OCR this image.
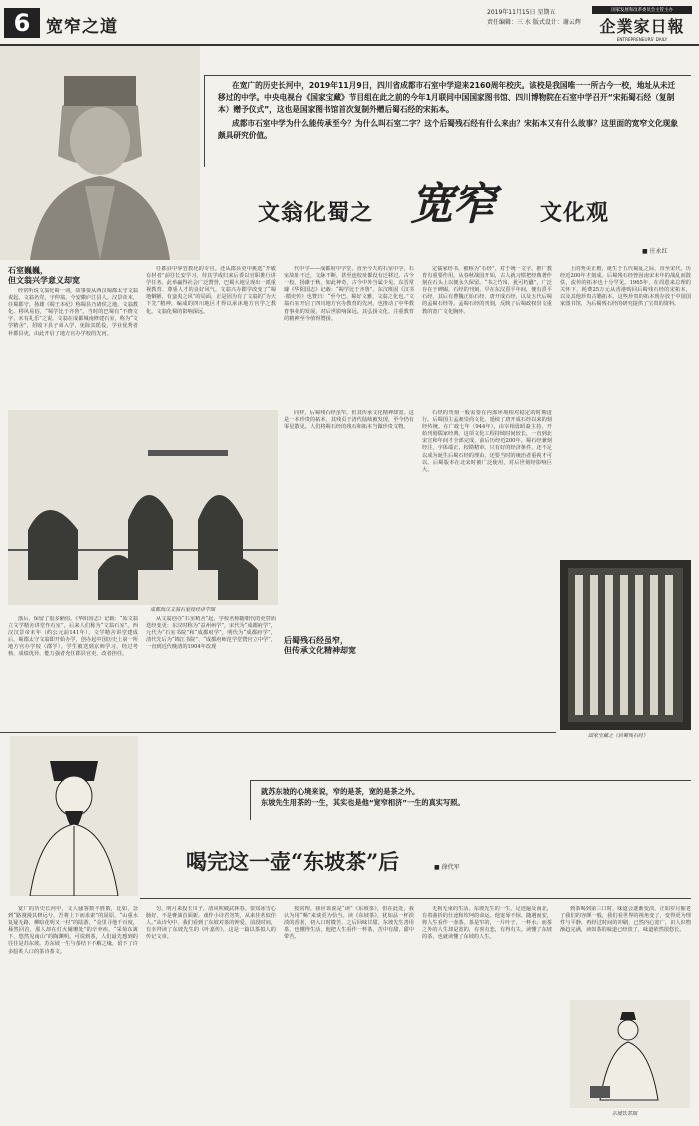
6 宽窄之道
2019年11月15日 星期五
责任编辑：三 水 版式设计：谢云辉
国家发展和改革委员会主管主办
企業家日報
ENTREPRENEURS' DAILY

在宽广的历史长河中，2019年11月9日，四川省成都市石室中学迎来2160周年校庆。该校是我国唯一一所古今一校，地址从未迁移过的中学。中央电视台《国家宝藏》节目组在此之前的今年1月联同中国国家图书馆、四川博物院在石室中学召开“宋拓蜀石经（复制本）赠予仪式”，这也是国家图书馆首次复制外赠后蜀石经的宋拓本。

成都市石室中学为什么能传承至今？为什么叫石室二字？这个后蜀残石经有什么来由？宋拓本又有什么故事？这里面的宽窄文化现象颇具研究价值。

文翁化蜀之 宽窄 文化观
■ 庄永红
石室巍巍，
但文翁兴学意义却宽

经常听说文翁化蜀一词，故事要从西汉蜀郡太守文翁说起。文翁名党，字仲翁，今安徽庐江县人。汉景帝末，任蜀郡守。扬雄《蜀王本纪》称蜀县乃诸侯之地，文翁教化、移风易俗，“蜀学比于齐鲁”。当时的巴蜀有“不晓文字，未有礼乐”之说。文翁在成都城南修建石室，称为“文学精舍”，招收下县子弟入学，免除其徭役，学业优秀者补郡县吏，由此开启了地方官办学校的先河。

任郡县中掌管教化的专官。还从郡县吏中挑选“开敏有材者”前往长安学习，待其学成归来后委以官职推行讲学任务。此举赢得社会广泛赞誉，巴蜀大地呈现出一派重视教育、尊重人才的良好风气。文翁兴办郡学改变了“蜀地僻陋，有蛮夷之风”的局面，正是因为有了文翁的“为天下先”精神，编成的四川地区才得以承沐地方官学之教化。文翁化蜀的影响深远。

代中学——成都府中学堂，直至今天的石室中学，石室故址不迁，文脉不断，甚至连校址都没有迁移过。古今一校，扬雄于秋，如此神奇，古今中外当属少见。东晋常璩《华阳国志》记载：“蜀学比于齐鲁”。东汉班固《汉书·循吏传》也赞曰：“至今巴、蜀好文雅，文翁之化也。”文翁石室开启了四川地方官办教育的先河，也推动了中华教育事业的发展，对后世影响深远。其弘扬文化、注重教育的精神至今值得赞扬。

定儒家经书，被称为“石经”，对于统一文字、推广教育有重要作用。从春秋战国开始，古人就习惯把经典著作刻在石头上以便永久保留。“书之竹帛，犹可朽蠹”，广泛存在于碑碣。石经的刊刻，早在东汉熹平年间，便有熹平石经，其后有曹魏正始石经、唐开成石经，以及五代后蜀的孟蜀石经等。孟蜀石经的刊刻，反映了后蜀政权崇文重教的宽广文化胸怀。

上的秀美正楷，诞生于五代蜀乱之际，直至宋代，历经近200年才刻成。后蜀残石经曾因南宋末年的战乱而散佚，流传的拓本也十分罕见。1965年，在周恩来总理的关怀下，耗费25万元从香港购回后蜀残石经的宋拓本，以及其他珍贵古籍拓本。这些珍贵的拓本现存放于中国国家图书馆，为后蜀残石经的研究提供了宝贵的资料。

成都西汉文翁石室授经讲学图

同样，后蜀残石经虽窄，但其传承文化精神却宽。这是一本珍贵的拓本，其残页于清代陆续被发现，至今仍有零星散见。人们将蜀石经的残石和拓本当做珍贵文物。

石经的刊刻一般需要在内部环境相对稳定的时期进行。后蜀国主孟昶崇尚文化，延续了唐开成石经以来的刻经传统。在广政七年（944年），由宰相毋昭裔主持，开始刊刻儒家经典。这项文化工程持续时间较长，一直到北宋宣和年间才全部完成，前后历经近200年。蜀石经兼刻经注，字体端正，校勘精审。只有好的经济条件，还不足以成为诞生后蜀石经的理由，还要当时的统治者重视才可以。后蜀版本在北宋时被广泛使用，对后世刻经影响巨大。

国家宝藏之《后蜀残石经》

落后，保留了很多陋俗。《华阳国志》记载：“始文翁立文学精舍讲堂作石室”，后来人们称为“文翁石室”。西汉汉景帝末年（约公元前141年），文学精舍讲堂建成后，蜀郡太守文翁即开始办学，创办起中国历史上第一所地方官办学校（郡学）。学生被送到京师学习，经过考核，成绩优异，能力强者充任郡县官吏，改者担任。

从文翁创办“石室精舍”起，学校名称随朝代的更替而迭经变更：东汉时称为“益州州学”，宋代为“成都府学”，元代为“石室书院”和“成都府学”，明代为“成都府学”，清代先后为“锦江书院”、“成都府师范学堂暨官立中学”，一直到近代晚清的1904年改现

后蜀残石经虽窄，
但传承文化精神却宽

就苏东坡的心境来说，窄的是茶，宽的是茶之外。

东坡先生用茶的一生，其实也是他“宽窄相济”一生的真实写照。

喝完这一壶“东坡茶”后	■ 徐代军

宽广的历史长河中，文人骚客数不胜数，比如，念到“路漫漫其修远兮，吾将上下而求索”的屈原，“山重水复疑无路，柳暗花明又一村”的陆游，“众里寻他千百度，蓦然回首，那人却在灯火阑珊处”的辛弃疾，“采菊东篱下，悠然见南山”的陶渊明。可说到茶，人们最先想到的往往是苏东坡。苏东坡一生与茶结下不解之缘，留下了许多脍炙人口的茶诗茶文。

匀，明月来投玉川子，清风吹破武林春。要知冰雪心肠好，不是膏油首面新。戏作小诗君勿笑，从来佳茗似佳人。”从诗句中，我们看到了东坡对茶的钟爱。前段时间，有幸拜读了东坡先生的《叶嘉传》，这是一篇以茶拟人的传记文章。

按常理，我应该说是“读”《东坡茶》，但在此处，我认为用“喝”来谈更为恰当。读《东坡茶》，犹如品一杯淡淡的香茗，初入口时微苦，之后回味甘甜。东坡先生善用茶，也懂得生活，他把人生看作一杯茶，苦中有甜，甜中带苦。

无拘无束的生活。东坡先生的一生，足迹遍及南北，有着曲折的仕途和坎坷的命运。他宠辱不惊、随遇而安，将人生看作一壶茶。茶是窄的，一片叶子，一杯水；而茶之外的人生却是宽的，有喜有悲，有得有失。读懂了东坡的茶，也就读懂了东坡的人生。

到茶喝到第三口时，味道会逐渐变淡。正如岁月催老了我们的容颜一般，我们看世界的视角变了，变得更为理性与平静。再经过时间的冲刷，已然内心宽广，识人识物渐趋完满，读如茶的味道已经淡了，味道依然很悠长。

东坡饮茶图
